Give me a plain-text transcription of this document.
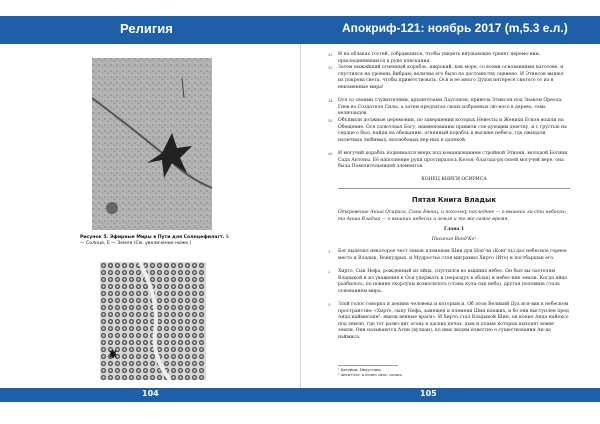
Религия	Апокриф-121: ноябрь 2017 (m,5.3 e.л.)
Рисунок 5. Эфирные Миры в Пути для Солнцефилагт. S — Солнце, E — Земля (См. увеличение ниже.)
32 И на облаках гостей, собравшихся, чтобы увидеть внушающее трепет церемо-нии, присоединившихся к руке плескания.
33 Затем нижайший огненный корабль, широкий, как море, со всеми основаниями наготове, и спустился на уровень Вибрам; величие его было по достоинству оценено. И Этиксон вышел из покрова света, чтобы приветствовать. Ося и ее много Духов интересе святого от из в неизменные мира!
34 Ося со своими служителями, архангелами Лаусоном, привела Этиксон под Знаком Ореола, Гнев во Создателя Силы, а затем предлагал своих избранных лю-ного в дерево, семь величаидов.
35 Объявили должные церемонии, по завершении которых Невесты и Женихи Ескон вошли на Обещение. Ося салютовал Богу, наименованию привили сле-дующим девству, и с грустью на сердце о был, найди на обещанию, огненный корабль в высшие небеса, где ожидали наличных любимых, возлюбоных вер-ных к далекой.
36 И могучий корабль поднимался вверх под командованием стройной Этиони, молодой Богини Сада Антоны. Её наполнение руки простиралось Кезон; благода-ря своей могучей вере, она была Повелительницей элементов.
КОНЕЦ КНИГИ ОСИРИСА
Пятая Книга Владык
Откровение Анша Осириса, Сына Евоиц, и покольку последнее — о вышних ли-сти небесах; то Анша Владык — о вышних небесах и земле и то же самое время.
Глава 1
Писания Винд'Ко¹
1 Бог выделил некоторое чест земли племенам Шин дун Ноп'чи (Конг'ль) дал небесное горнее место и Владык, Вонкудрых, и Мудростье стоя миграмил Хирто (Ито) и постбаршан его.
2 Хирто, Сын Нефа, рожденный из яйца, спустился во вышних небес. Он был вы-ластелям Владыкой и из уважения к Оси удержать и (нераздух в облак) и небес-ние земли. Когда яйцо разбилось, по повине скорлупы возносилось (стана кула-лак неба), другая половина стала основанием мира.
3 Злой голос говорил и деяния человека и которым и. Об этом Великий Дух ися-вив в небесном пространстве: «Хирто, сыну Нефа, замещен и племени Шин наежих, и бо они выступлен пред Анда наймисонн², явили венные враги». И Хирто стал Владыкой Шин, он копил Анда найоксо под землю, где тот разво-дит огонь в адских печах, дым и пламя которых выходят вовне земли. Они называются Атни (вулкан), по ним людям известно о существовании Ан-да наймиса.
¹ Китайцы, Индуссипи
² Анти-глаз, к полно сила, сатана
104	105
